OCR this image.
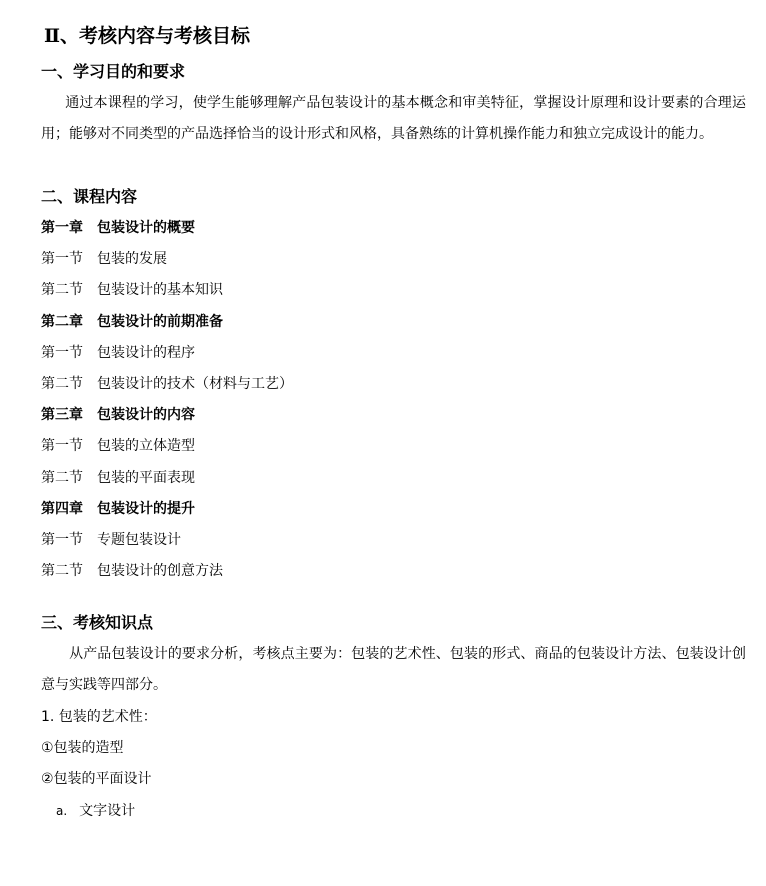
Ⅱ、考核内容与考核目标
一、学习目的和要求
通过本课程的学习，使学生能够理解产品包装设计的基本概念和审美特征，掌握设计原理和设计要素的合理运用；能够对不同类型的产品选择恰当的设计形式和风格，具备熟练的计算机操作能力和独立完成设计的能力。
二、课程内容
第一章 包装设计的概要
第一节 包装的发展
第二节 包装设计的基本知识
第二章 包装设计的前期准备
第一节 包装设计的程序
第二节 包装设计的技术（材料与工艺）
第三章 包装设计的内容
第一节 包装的立体造型
第二节 包装的平面表现
第四章 包装设计的提升
第一节 专题包装设计
第二节 包装设计的创意方法
三、考核知识点
从产品包装设计的要求分析，考核点主要为：包装的艺术性、包装的形式、商品的包装设计方法、包装设计创意与实践等四部分。
1. 包装的艺术性：
①包装的造型
②包装的平面设计
a. 文字设计
